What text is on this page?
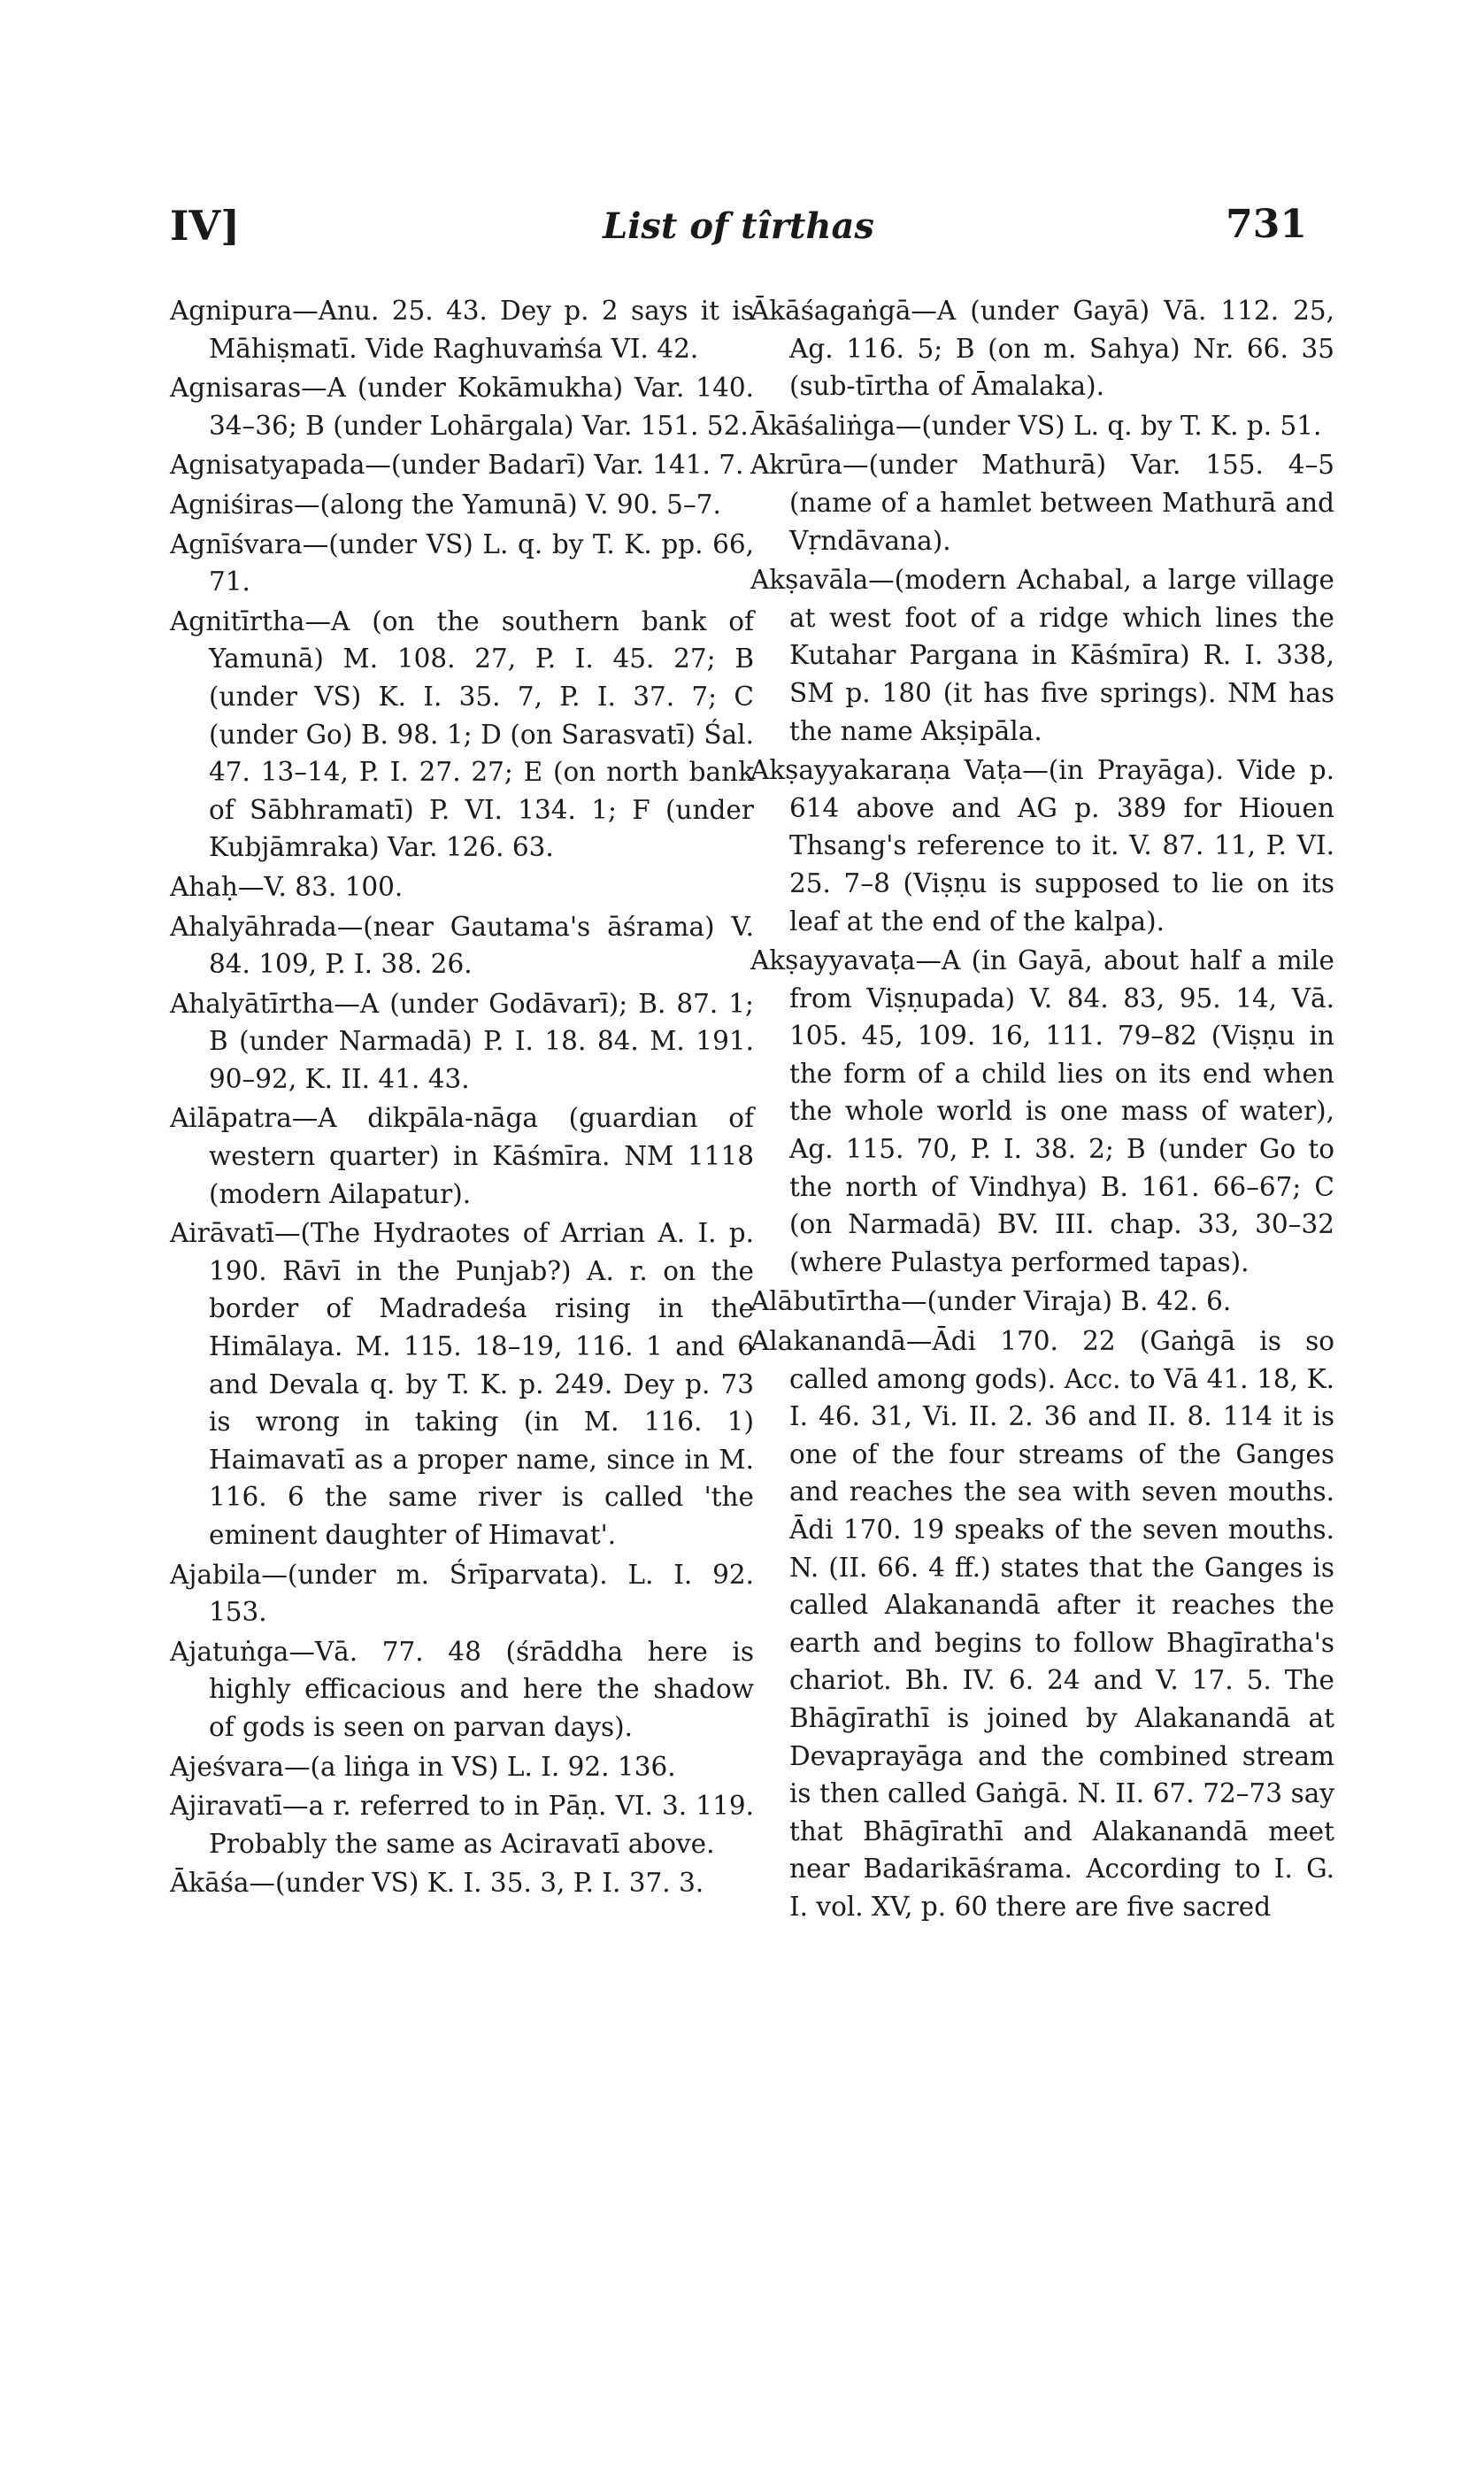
IV]	List of tîrthas	731

Agnipura—Anu. 25. 43. Dey p. 2 says it is Māhiṣmatī. Vide Raghuvaṁśa VI. 42.

Agnisaras—A (under Kokāmukha) Var. 140. 34–36; B (under Lohārgala) Var. 151. 52.

Agnisatyapada—(under Badarī) Var. 141. 7.

Agniśiras—(along the Yamunā) V. 90. 5–7.

Agnīśvara—(under VS) L. q. by T. K. pp. 66, 71.

Agnitīrtha—A (on the southern bank of Yamunā) M. 108. 27, P. I. 45. 27; B (under VS) K. I. 35. 7, P. I. 37. 7; C (under Go) B. 98. 1; D (on Sarasvatī) Śal. 47. 13–14, P. I. 27. 27; E (on north bank of Sābhramatī) P. VI. 134. 1; F (under Kubjāmraka) Var. 126. 63.

Ahaḥ—V. 83. 100.

Ahalyāhrada—(near Gautama's āśrama) V. 84. 109, P. I. 38. 26.

Ahalyātīrtha—A (under Godāvarī); B. 87. 1; B (under Narmadā) P. I. 18. 84. M. 191. 90–92, K. II. 41. 43.

Ailāpatra—A dikpāla-nāga (guardian of western quarter) in Kāśmīra. NM 1118 (modern Ailapatur).

Airāvatī—(The Hydraotes of Arrian A. I. p. 190. Rāvī in the Punjab?) A. r. on the border of Madradeśa rising in the Himālaya. M. 115. 18–19, 116. 1 and 6 and Devala q. by T. K. p. 249. Dey p. 73 is wrong in taking (in M. 116. 1) Haimavatī as a proper name, since in M. 116. 6 the same river is called 'the eminent daughter of Himavat'.

Ajabila—(under m. Śrīparvata). L. I. 92. 153.

Ajatuṅga—Vā. 77. 48 (śrāddha here is highly efficacious and here the shadow of gods is seen on parvan days).

Ajeśvara—(a liṅga in VS) L. I. 92. 136.

Ajiravatī—a r. referred to in Pāṇ. VI. 3. 119. Probably the same as Aciravatī above.

Ākāśa—(under VS) K. I. 35. 3, P. I. 37. 3.

Ākāśagaṅgā—A (under Gayā) Vā. 112. 25, Ag. 116. 5; B (on m. Sahya) Nr. 66. 35 (sub-tīrtha of Āmalaka).

Ākāśaliṅga—(under VS) L. q. by T. K. p. 51.

Akrūra—(under Mathurā) Var. 155. 4–5 (name of a hamlet between Mathurā and Vṛndāvana).

Akṣavāla—(modern Achabal, a large village at west foot of a ridge which lines the Kutahar Pargana in Kāśmīra) R. I. 338, SM p. 180 (it has five springs). NM has the name Akṣipāla.

Akṣayyakaraṇa Vaṭa—(in Prayāga). Vide p. 614 above and AG p. 389 for Hiouen Thsang's reference to it. V. 87. 11, P. VI. 25. 7–8 (Viṣṇu is supposed to lie on its leaf at the end of the kalpa).

Akṣayyavaṭa—A (in Gayā, about half a mile from Viṣṇupada) V. 84. 83, 95. 14, Vā. 105. 45, 109. 16, 111. 79–82 (Viṣṇu in the form of a child lies on its end when the whole world is one mass of water), Ag. 115. 70, P. I. 38. 2; B (under Go to the north of Vindhya) B. 161. 66–67; C (on Narmadā) BV. III. chap. 33, 30–32 (where Pulastya performed tapas).

Alābutīrtha—(under Viraja) B. 42. 6.

Alakanandā—Ādi 170. 22 (Gaṅgā is so called among gods). Acc. to Vā 41. 18, K. I. 46. 31, Vi. II. 2. 36 and II. 8. 114 it is one of the four streams of the Ganges and reaches the sea with seven mouths. Ādi 170. 19 speaks of the seven mouths. N. (II. 66. 4 ff.) states that the Ganges is called Alakanandā after it reaches the earth and begins to follow Bhagīratha's chariot. Bh. IV. 6. 24 and V. 17. 5. The Bhāgīrathī is joined by Alakanandā at Devaprayāga and the combined stream is then called Gaṅgā. N. II. 67. 72–73 say that Bhāgīrathī and Alakanandā meet near Badarikāśrama. According to I. G. I. vol. XV, p. 60 there are five sacred
